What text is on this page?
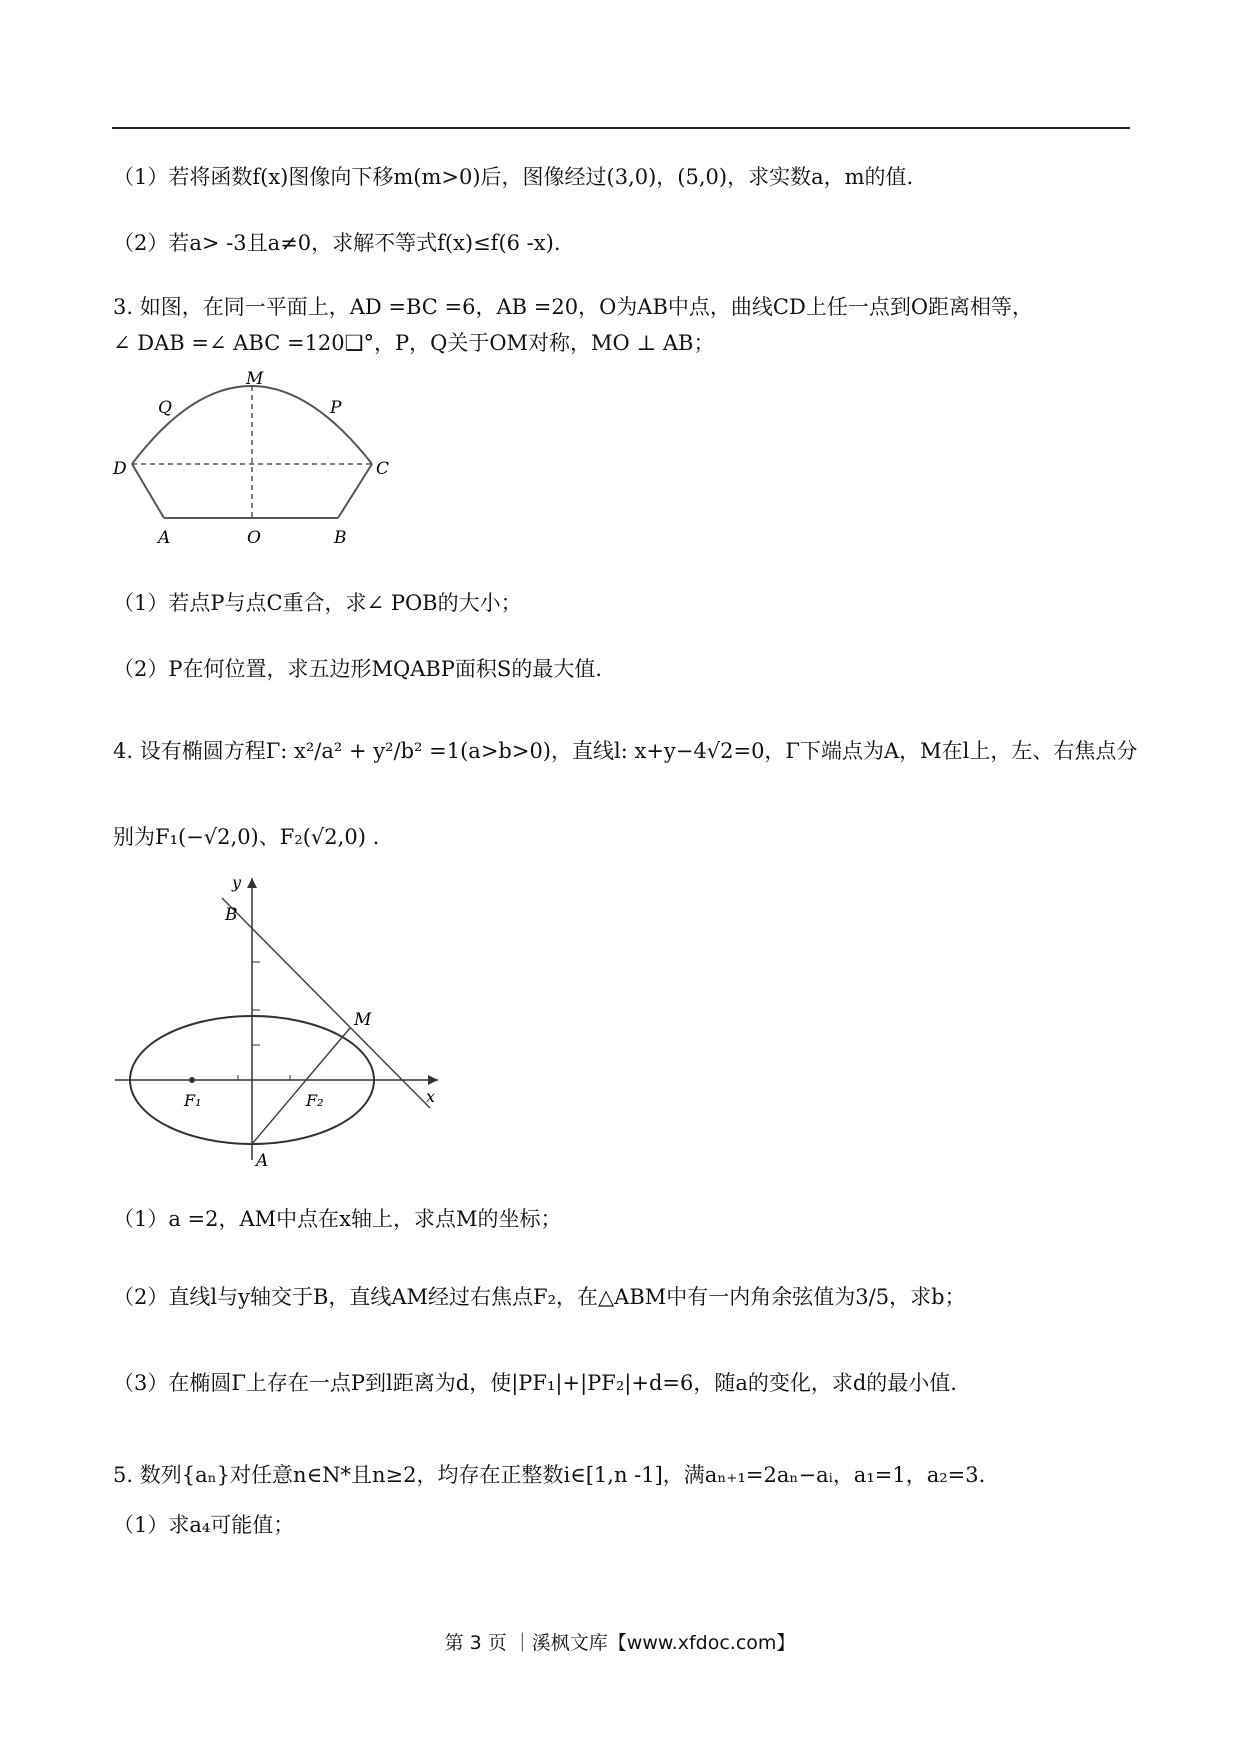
（1）若将函数f(x)图像向下移m(m>0)后，图像经过(3,0)，(5,0)，求实数a，m的值.
（2）若a> -3且a≠0，求解不等式f(x)≤f(6 -x).
3. 如图，在同一平面上，AD =BC =6，AB =20，O为AB中点，曲线CD上任一点到O距离相等，
∠ DAB =∠ ABC =120❑°，P，Q关于OM对称，MO ⊥ AB；
M
Q	P
D	C
A	O	B
（1）若点P与点C重合，求∠ POB的大小；
（2）P在何位置，求五边形MQABP面积S的最大值.
4. 设有椭圆方程Γ: x²/a² + y²/b² =1(a>b>0)，直线l: x+y−4√2=0，Γ下端点为A，M在l上，左、右焦点分
别为F₁(−√2,0)、F₂(√2,0) .
y
x
B
M
F₁	F₂
A
（1）a =2，AM中点在x轴上，求点M的坐标；
（2）直线l与y轴交于B，直线AM经过右焦点F₂，在△ABM中有一内角余弦值为3/5，求b；
（3）在椭圆Γ上存在一点P到l距离为d，使|PF₁|+|PF₂|+d=6，随a的变化，求d的最小值.
5. 数列{aₙ}对任意n∈N*且n≥2，均存在正整数i∈[1,n -1]，满aₙ₊₁=2aₙ−aᵢ，a₁=1，a₂=3.
（1）求a₄可能值；
第 3 页 ｜溪枫文库【www.xfdoc.com】
